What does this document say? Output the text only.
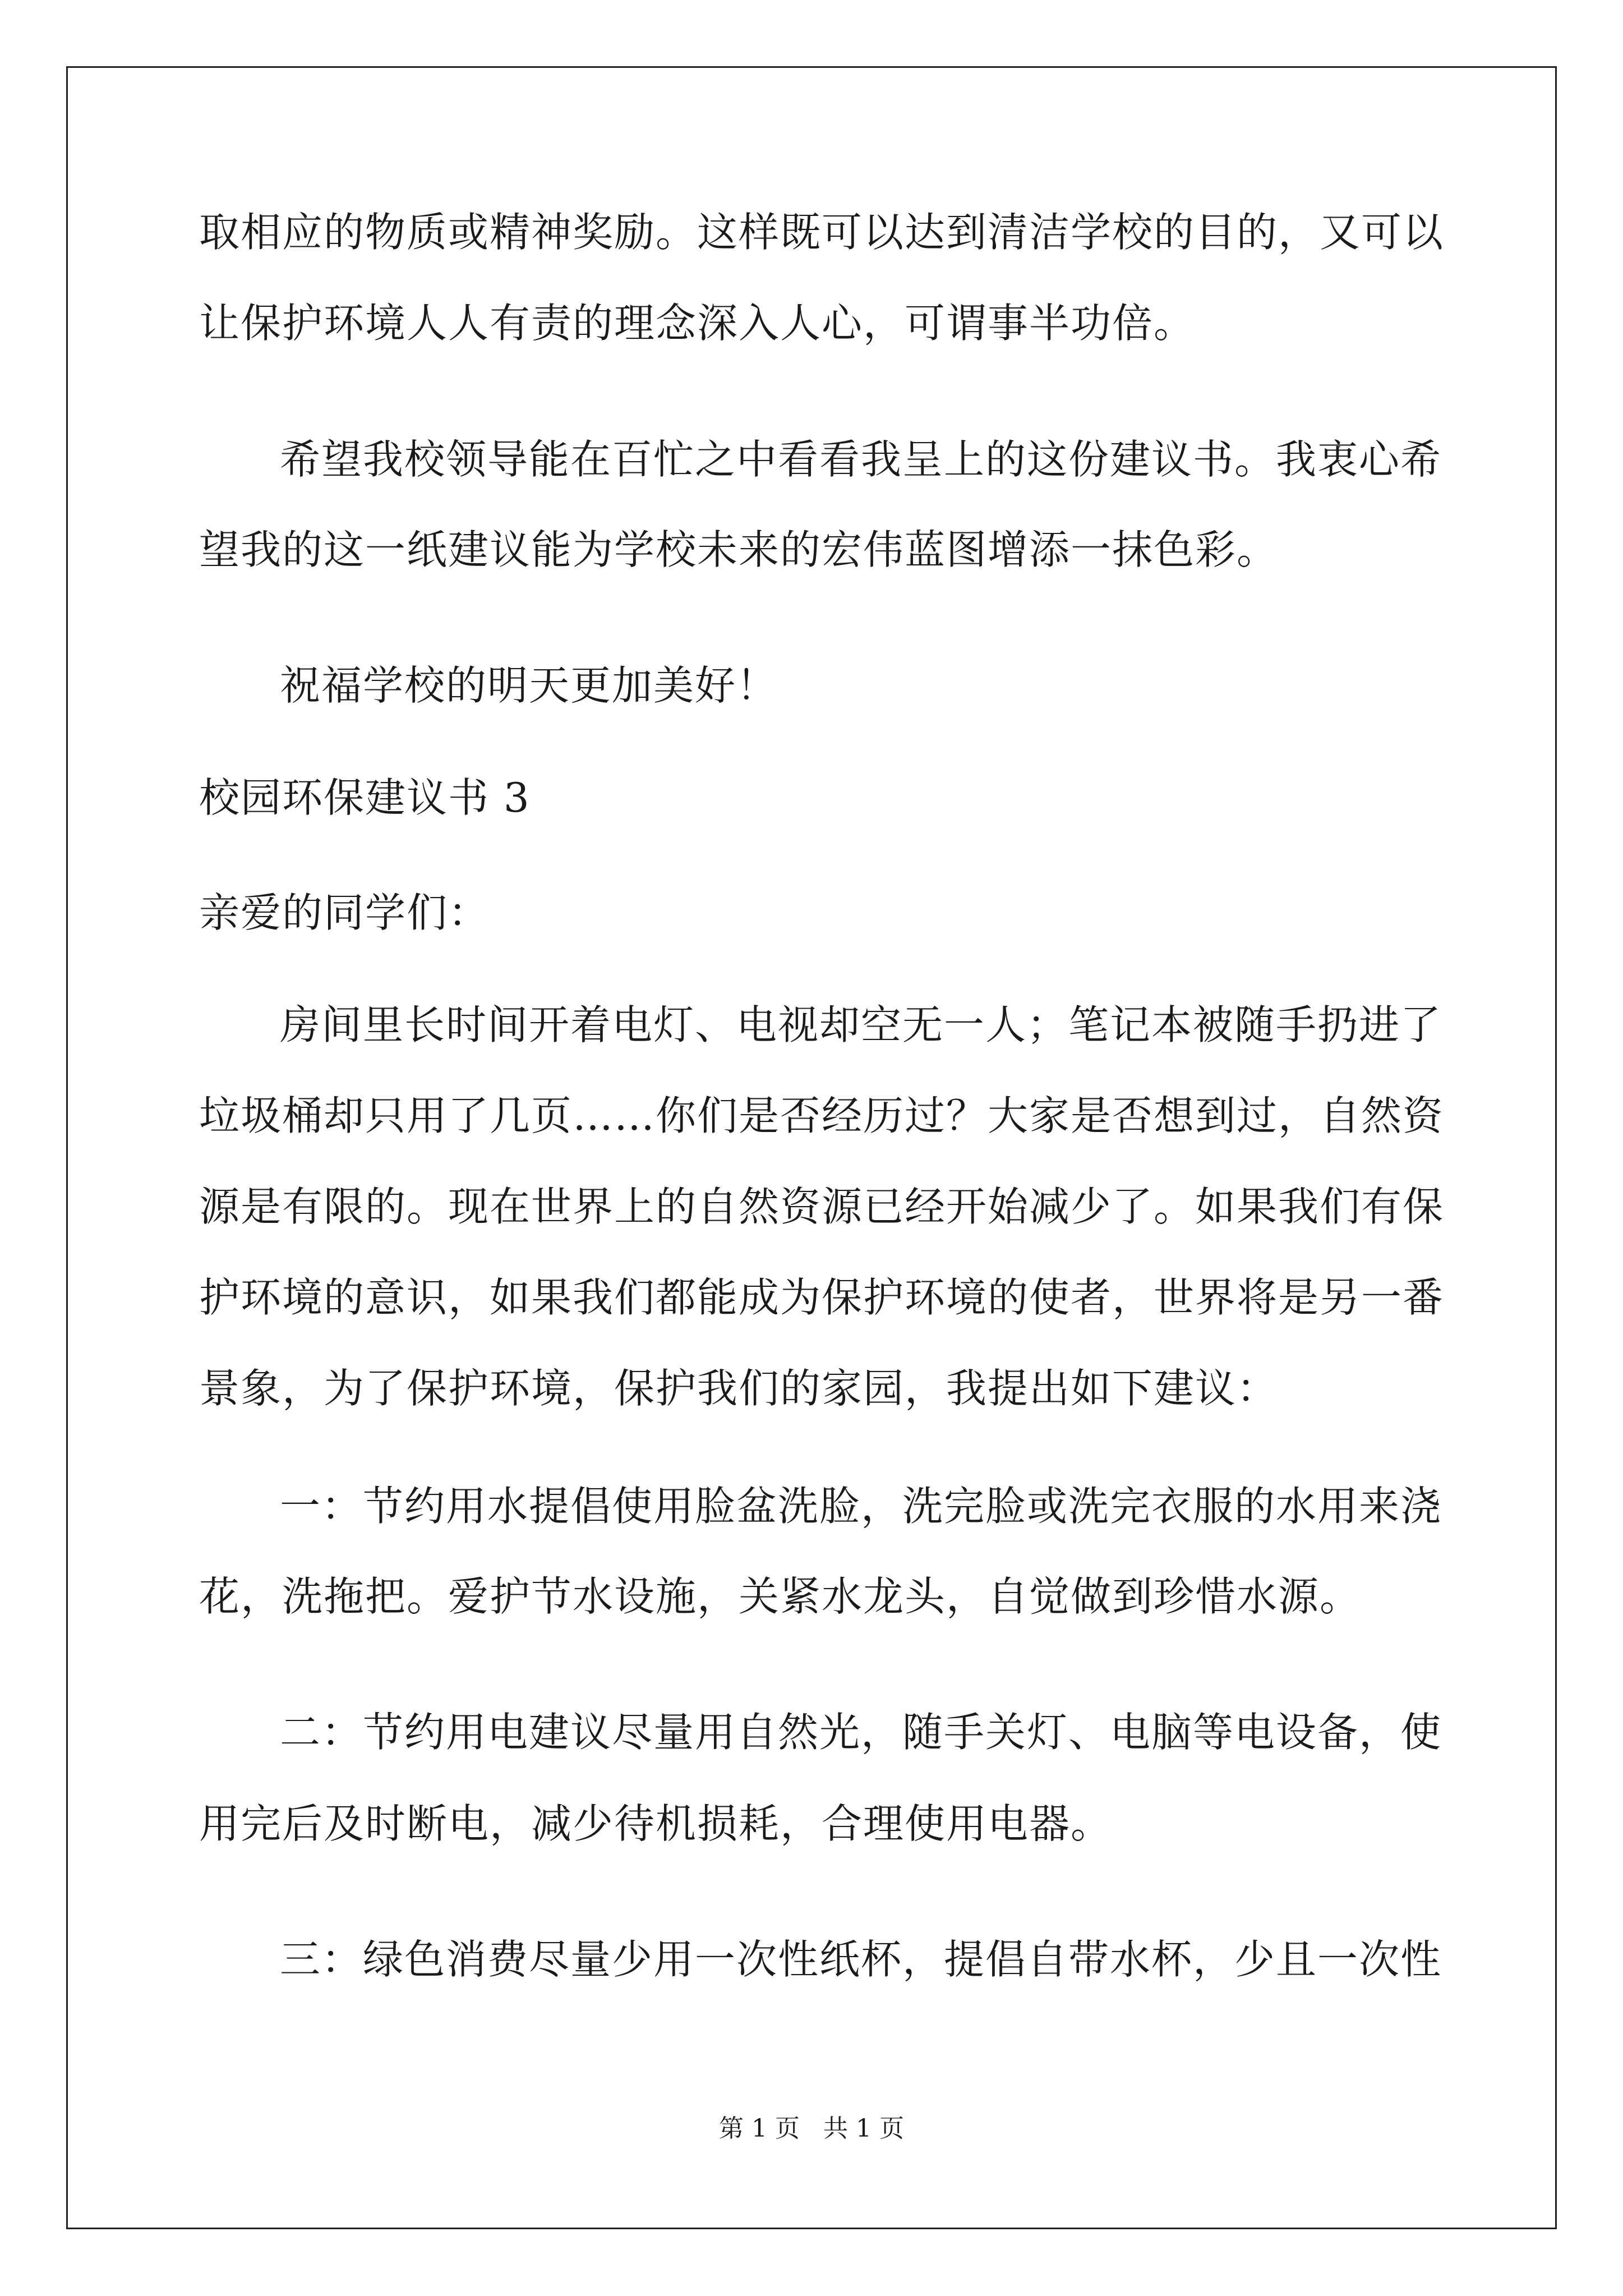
取相应的物质或精神奖励。这样既可以达到清洁学校的目的，又可以
让保护环境人人有责的理念深入人心，可谓事半功倍。
希望我校领导能在百忙之中看看我呈上的这份建议书。我衷心希
望我的这一纸建议能为学校未来的宏伟蓝图增添一抹色彩。
祝福学校的明天更加美好！
校园环保建议书 3
亲爱的同学们：
房间里长时间开着电灯、电视却空无一人；笔记本被随手扔进了
垃圾桶却只用了几页……你们是否经历过？大家是否想到过，自然资
源是有限的。现在世界上的自然资源已经开始减少了。如果我们有保
护环境的意识，如果我们都能成为保护环境的使者，世界将是另一番
景象，为了保护环境，保护我们的家园，我提出如下建议：
一：节约用水提倡使用脸盆洗脸，洗完脸或洗完衣服的水用来浇
花，洗拖把。爱护节水设施，关紧水龙头，自觉做到珍惜水源。
二：节约用电建议尽量用自然光，随手关灯、电脑等电设备，使
用完后及时断电，减少待机损耗，合理使用电器。
三：绿色消费尽量少用一次性纸杯，提倡自带水杯，少且一次性
第 1 页   共 1 页
